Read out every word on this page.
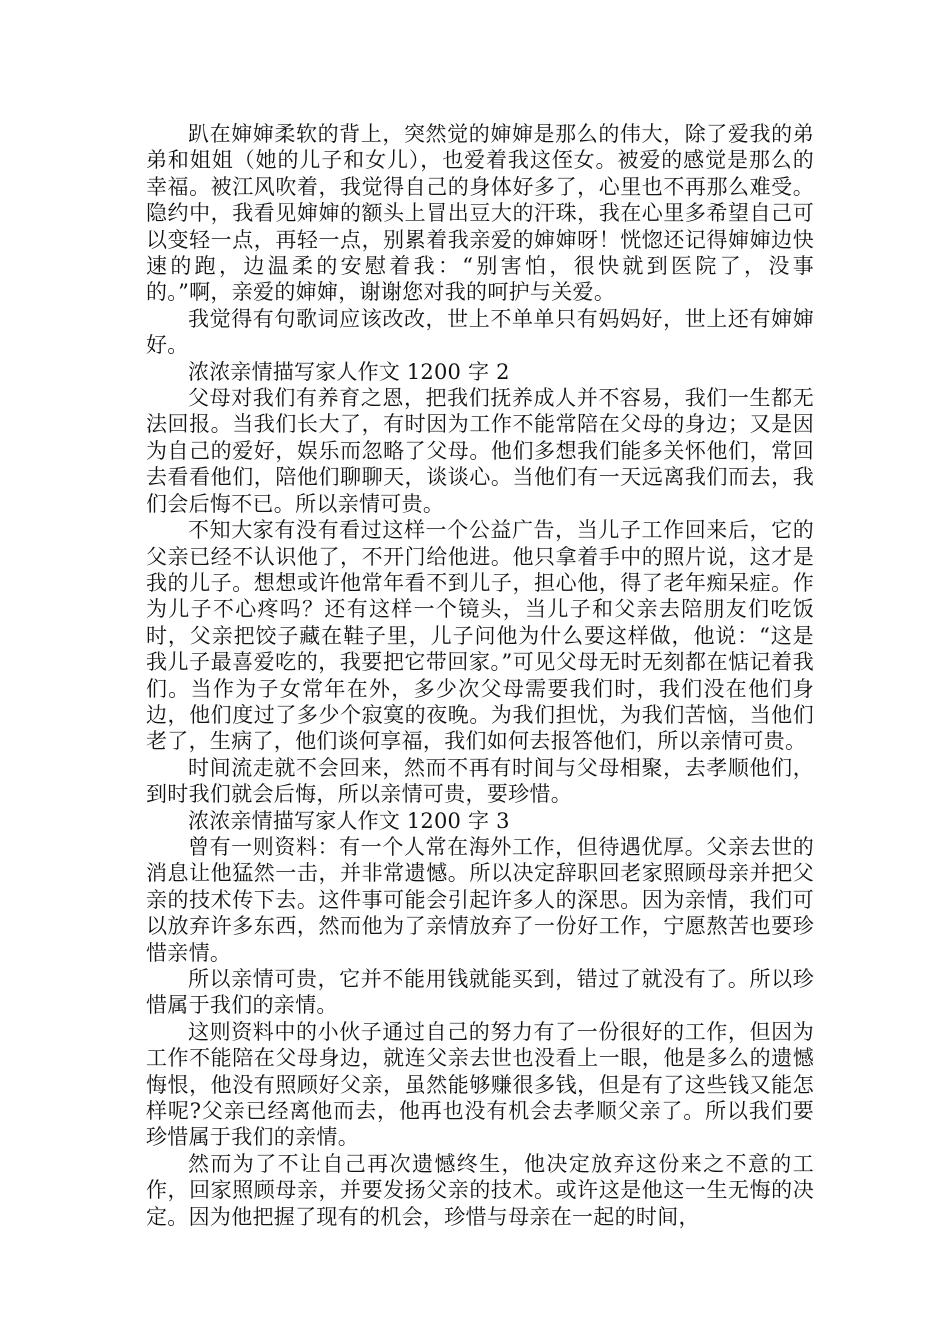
趴在婶婶柔软的背上，突然觉的婶婶是那么的伟大，除了爱我的弟弟和姐姐（她的儿子和女儿），也爱着我这侄女。被爱的感觉是那么的幸福。被江风吹着，我觉得自己的身体好多了，心里也不再那么难受。隐约中，我看见婶婶的额头上冒出豆大的汗珠，我在心里多希望自己可以变轻一点，再轻一点，别累着我亲爱的婶婶呀！恍惚还记得婶婶边快速的跑，边温柔的安慰着我：“别害怕，很快就到医院了，没事的。”啊，亲爱的婶婶，谢谢您对我的呵护与关爱。

我觉得有句歌词应该改改，世上不单单只有妈妈好，世上还有婶婶好。

浓浓亲情描写家人作文 1200 字 2

父母对我们有养育之恩，把我们抚养成人并不容易，我们一生都无法回报。当我们长大了，有时因为工作不能常陪在父母的身边；又是因为自己的爱好，娱乐而忽略了父母。他们多想我们能多关怀他们，常回去看看他们，陪他们聊聊天，谈谈心。当他们有一天远离我们而去，我们会后悔不已。所以亲情可贵。

不知大家有没有看过这样一个公益广告，当儿子工作回来后，它的父亲已经不认识他了，不开门给他进。他只拿着手中的照片说，这才是我的儿子。想想或许他常年看不到儿子，担心他，得了老年痴呆症。作为儿子不心疼吗？还有这样一个镜头，当儿子和父亲去陪朋友们吃饭时，父亲把饺子藏在鞋子里，儿子问他为什么要这样做，他说：“这是我儿子最喜爱吃的，我要把它带回家。”可见父母无时无刻都在惦记着我们。当作为子女常年在外，多少次父母需要我们时，我们没在他们身边，他们度过了多少个寂寞的夜晚。为我们担忧，为我们苦恼，当他们老了，生病了，他们谈何享福，我们如何去报答他们，所以亲情可贵。

时间流走就不会回来，然而不再有时间与父母相聚，去孝顺他们，到时我们就会后悔，所以亲情可贵，要珍惜。

浓浓亲情描写家人作文 1200 字 3

曾有一则资料：有一个人常在海外工作，但待遇优厚。父亲去世的消息让他猛然一击，并非常遗憾。所以决定辞职回老家照顾母亲并把父亲的技术传下去。这件事可能会引起许多人的深思。因为亲情，我们可以放弃许多东西，然而他为了亲情放弃了一份好工作，宁愿熬苦也要珍惜亲情。

所以亲情可贵，它并不能用钱就能买到，错过了就没有了。所以珍惜属于我们的亲情。

这则资料中的小伙子通过自己的努力有了一份很好的工作，但因为工作不能陪在父母身边，就连父亲去世也没看上一眼，他是多么的遗憾悔恨，他没有照顾好父亲，虽然能够赚很多钱，但是有了这些钱又能怎样呢?父亲已经离他而去，他再也没有机会去孝顺父亲了。所以我们要珍惜属于我们的亲情。

然而为了不让自己再次遗憾终生，他决定放弃这份来之不意的工作，回家照顾母亲，并要发扬父亲的技术。或许这是他这一生无悔的决定。因为他把握了现有的机会，珍惜与母亲在一起的时间，
